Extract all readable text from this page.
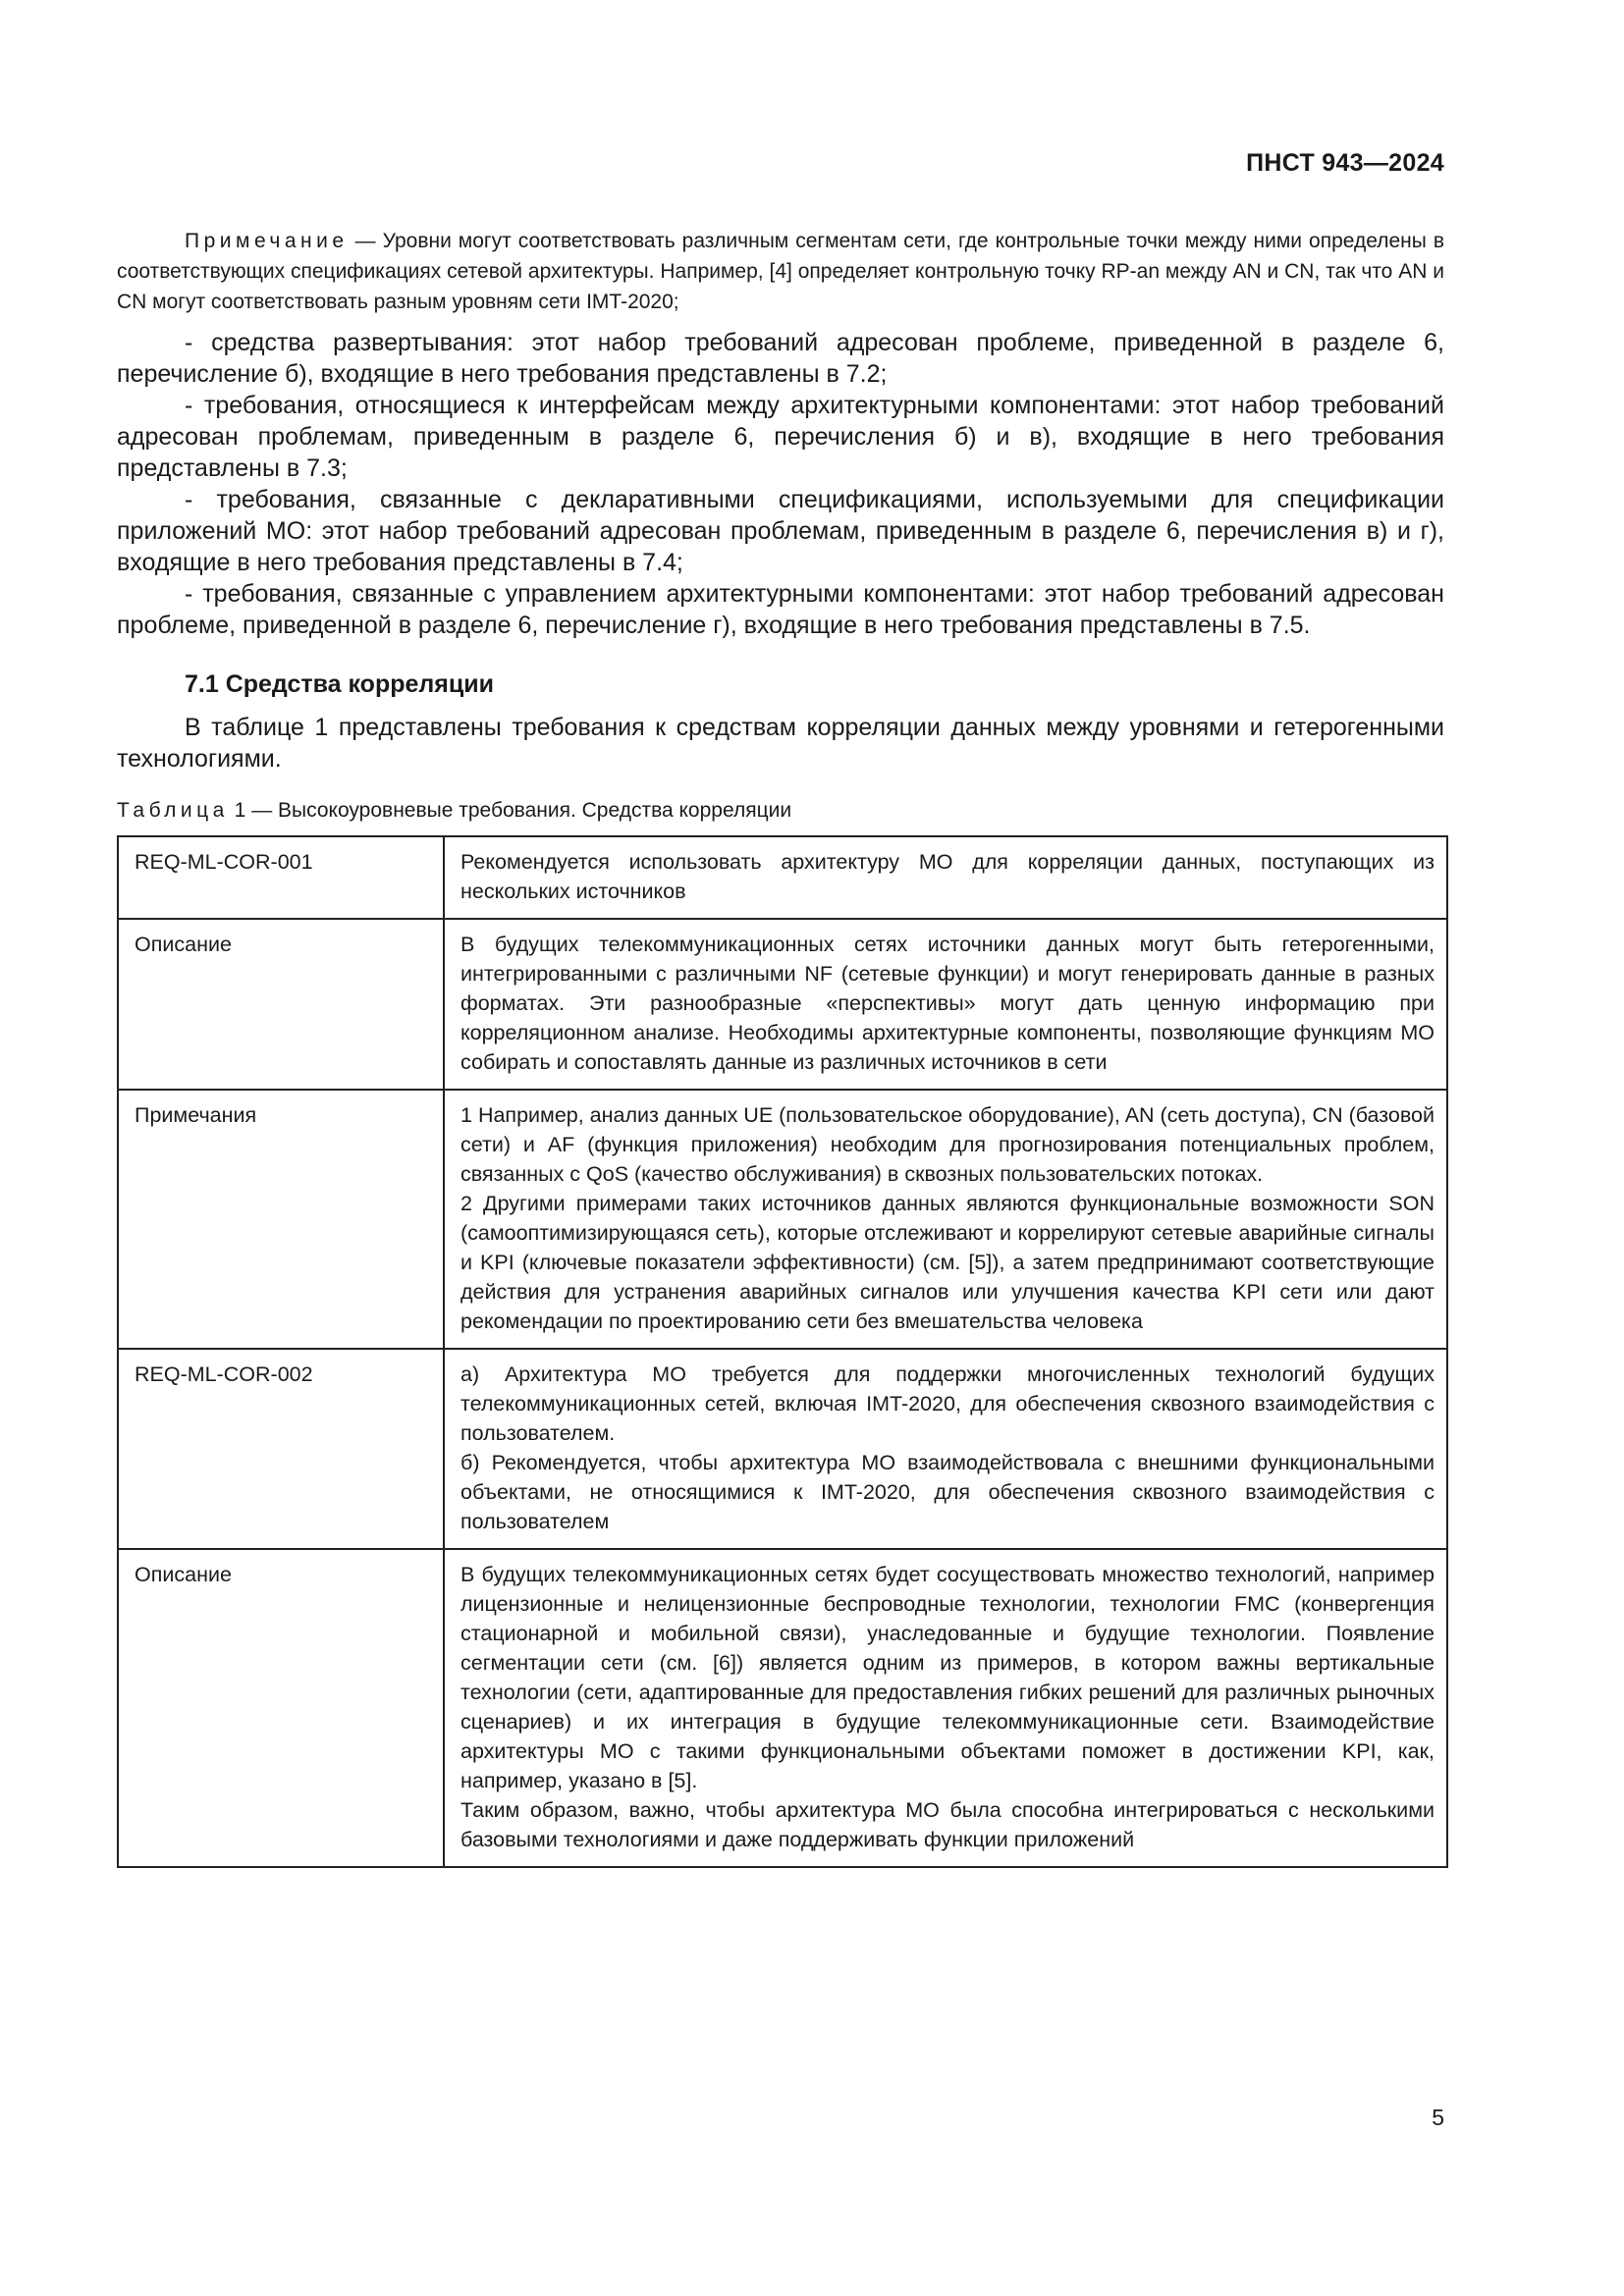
ПНСТ 943—2024

Примечание — Уровни могут соответствовать различным сегментам сети, где контрольные точки между ними определены в соответствующих спецификациях сетевой архитектуры. Например, [4] определяет контрольную точку RP-an между AN и CN, так что AN и CN могут соответствовать разным уровням сети IMT-2020;

- средства развертывания: этот набор требований адресован проблеме, приведенной в разделе 6, перечисление б), входящие в него требования представлены в 7.2;

- требования, относящиеся к интерфейсам между архитектурными компонентами: этот набор требований адресован проблемам, приведенным в разделе 6, перечисления б) и в), входящие в него требования представлены в 7.3;

- требования, связанные с декларативными спецификациями, используемыми для спецификации приложений МО: этот набор требований адресован проблемам, приведенным в разделе 6, перечисления в) и г), входящие в него требования представлены в 7.4;

- требования, связанные с управлением архитектурными компонентами: этот набор требований адресован проблеме, приведенной в разделе 6, перечисление г), входящие в него требования представлены в 7.5.

7.1 Средства корреляции

В таблице 1 представлены требования к средствам корреляции данных между уровнями и гетерогенными технологиями.

Таблица 1 — Высокоуровневые требования. Средства корреляции
REQ-ML-COR-001	Рекомендуется использовать архитектуру МО для корреляции данных, поступающих из нескольких источников

Описание	В будущих телекоммуникационных сетях источники данных могут быть гетерогенными, интегрированными с различными NF (сетевые функции) и могут генерировать данные в разных форматах. Эти разнообразные «перспективы» могут дать ценную информацию при корреляционном анализе. Необходимы архитектурные компоненты, позволяющие функциям МО собирать и сопоставлять данные из различных источников в сети

Примечания	1 Например, анализ данных UE (пользовательское оборудование), AN (сеть доступа), CN (базовой сети) и AF (функция приложения) необходим для прогнозирования потенциальных проблем, связанных с QoS (качество обслуживания) в сквозных пользовательских потоках.
2 Другими примерами таких источников данных являются функциональные возможности SON (самооптимизирующаяся сеть), которые отслеживают и коррелируют сетевые аварийные сигналы и KPI (ключевые показатели эффективности) (см. [5]), а затем предпринимают соответствующие действия для устранения аварийных сигналов или улучшения качества KPI сети или дают рекомендации по проектированию сети без вмешательства человека

REQ-ML-COR-002	а) Архитектура МО требуется для поддержки многочисленных технологий будущих телекоммуникационных сетей, включая IMT-2020, для обеспечения сквозного взаимодействия с пользователем.
б) Рекомендуется, чтобы архитектура МО взаимодействовала с внешними функциональными объектами, не относящимися к IMT-2020, для обеспечения сквозного взаимодействия с пользователем

Описание	В будущих телекоммуникационных сетях будет сосуществовать множество технологий, например лицензионные и нелицензионные беспроводные технологии, технологии FMC (конвергенция стационарной и мобильной связи), унаследованные и будущие технологии. Появление сегментации сети (см. [6]) является одним из примеров, в котором важны вертикальные технологии (сети, адаптированные для предоставления гибких решений для различных рыночных сценариев) и их интеграция в будущие телекоммуникационные сети. Взаимодействие архитектуры МО с такими функциональными объектами поможет в достижении KPI, как, например, указано в [5].
Таким образом, важно, чтобы архитектура МО была способна интегрироваться с несколькими базовыми технологиями и даже поддерживать функции приложений
5
